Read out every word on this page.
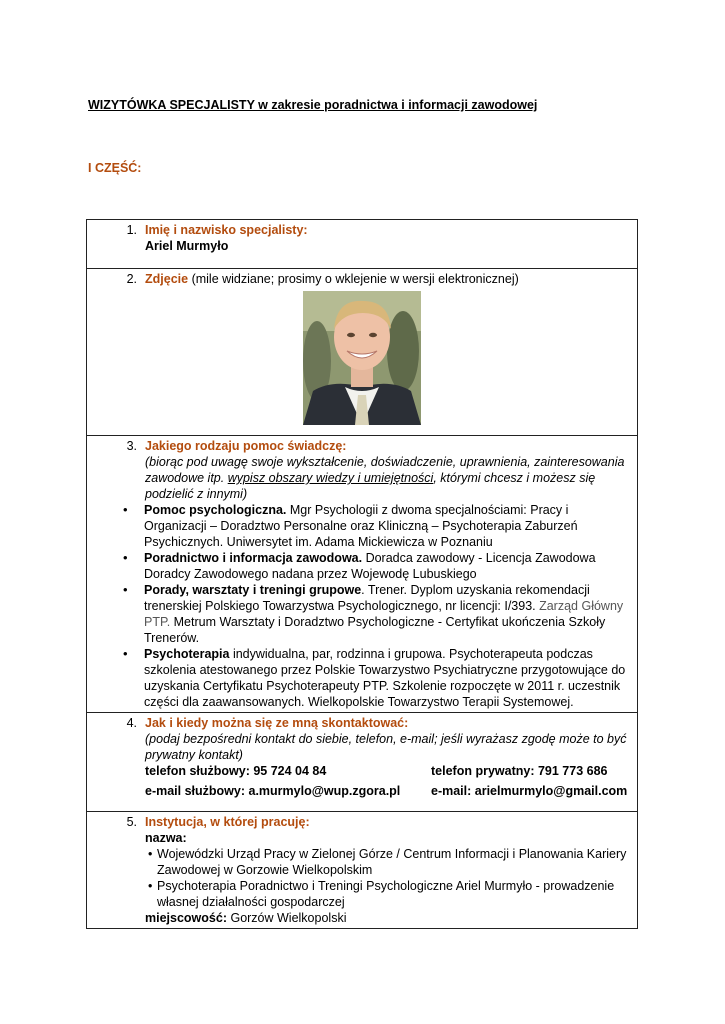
WIZYTÓWKA SPECJALISTY w zakresie poradnictwa i informacji zawodowej
I CZĘŚĆ:
1. Imię i nazwisko specjalisty:
Ariel Murmyło

2. Zdjęcie (mile widziane; prosimy o wklejenie w wersji elektronicznej)

3. Jakiego rodzaju pomoc świadczę:
(biorąc pod uwagę swoje wykształcenie, doświadczenie, uprawnienia, zainteresowania zawodowe itp. wypisz obszary wiedzy i umiejętności, którymi chcesz i możesz się podzielić z innymi)
• Pomoc psychologiczna. Mgr Psychologii z dwoma specjalnościami: Pracy i Organizacji – Doradztwo Personalne oraz Kliniczną – Psychoterapia Zaburzeń Psychicznych. Uniwersytet im. Adama Mickiewicza w Poznaniu
• Poradnictwo i informacja zawodowa. Doradca zawodowy - Licencja Zawodowa Doradcy Zawodowego nadana przez Wojewodę Lubuskiego
• Porady, warsztaty i treningi grupowe. Trener. Dyplom uzyskania rekomendacji trenerskiej Polskiego Towarzystwa Psychologicznego, nr licencji: I/393. Zarząd Główny PTP. Metrum Warsztaty i Doradztwo Psychologiczne - Certyfikat ukończenia Szkoły Trenerów.
• Psychoterapia indywidualna, par, rodzinna i grupowa. Psychoterapeuta podczas szkolenia atestowanego przez Polskie Towarzystwo Psychiatryczne przygotowujące do uzyskania Certyfikatu Psychoterapeuty PTP. Szkolenie rozpoczęte w 2011 r. uczestnik części dla zaawansowanych. Wielkopolskie Towarzystwo Terapii Systemowej.

4. Jak i kiedy można się ze mną skontaktować:
(podaj bezpośredni kontakt do siebie, telefon, e-mail; jeśli wyrażasz zgodę może to być prywatny kontakt)
telefon służbowy: 95 724 04 84	telefon prywatny: 791 773 686
e-mail służbowy: a.murmylo@wup.zgora.pl	e-mail: arielmurmylo@gmail.com

5. Instytucja, w której pracuję:
nazwa:
• Wojewódzki Urząd Pracy w Zielonej Górze / Centrum Informacji i Planowania Kariery Zawodowej w Gorzowie Wielkopolskim
• Psychoterapia Poradnictwo i Treningi Psychologiczne Ariel Murmyło - prowadzenie własnej działalności gospodarczej
miejscowość: Gorzów Wielkopolski
